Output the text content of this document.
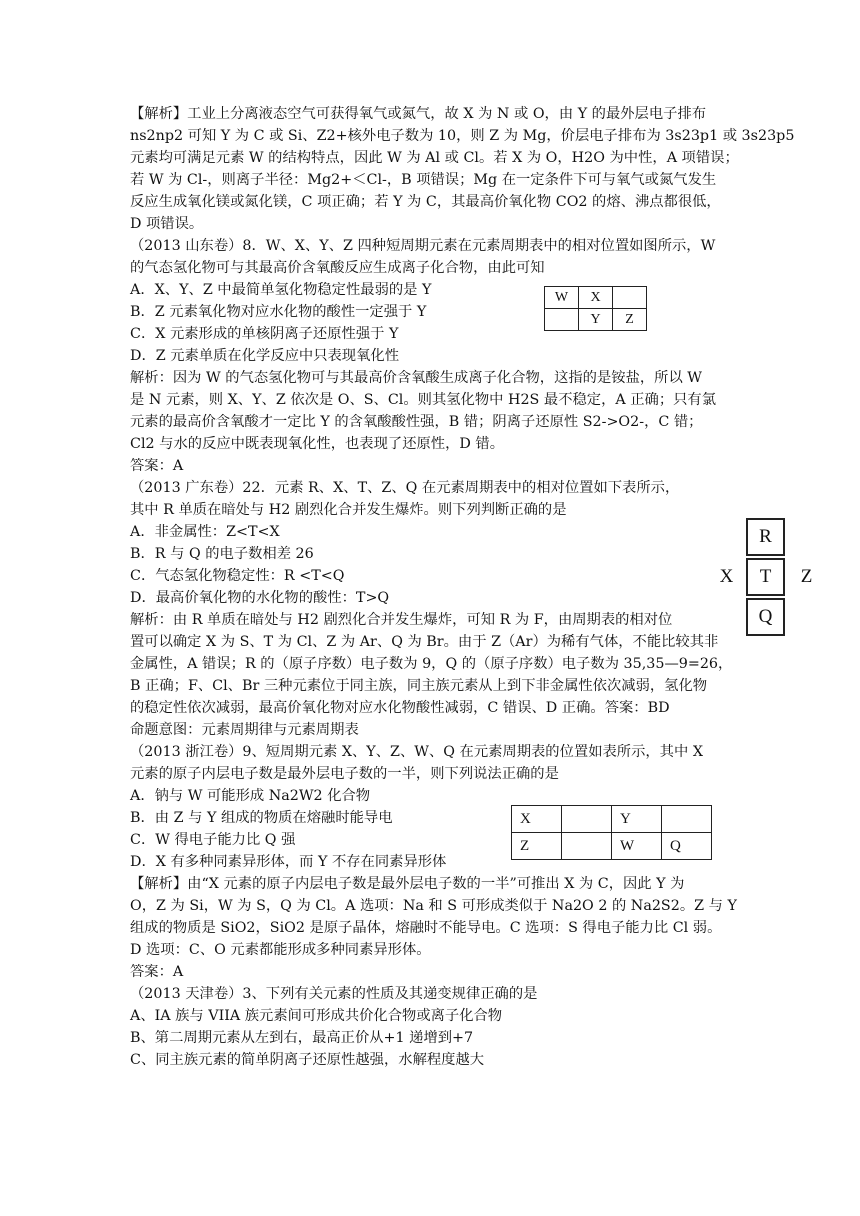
【解析】工业上分离液态空气可获得氧气或氮气，故 X 为 N 或 O，由 Y 的最外层电子排布
ns2np2 可知 Y 为 C 或 Si、Z2+核外电子数为 10，则 Z 为 Mg，价层电子排布为 3s23p1 或 3s23p5
元素均可满足元素 W 的结构特点，因此 W 为 Al 或 Cl。若 X 为 O，H2O 为中性，A 项错误；
若 W 为 Cl-，则离子半径：Mg2+＜Cl-，B 项错误；Mg 在一定条件下可与氧气或氮气发生
反应生成氧化镁或氮化镁，C 项正确；若 Y 为 C，其最高价氧化物 CO2 的熔、沸点都很低，
D 项错误。
（2013 山东卷）8．W、X、Y、Z 四种短周期元素在元素周期表中的相对位置如图所示，W
的气态氢化物可与其最高价含氧酸反应生成离子化合物，由此可知
A．X、Y、Z 中最简单氢化物稳定性最弱的是 Y
B．Z 元素氧化物对应水化物的酸性一定强于 Y
C．X 元素形成的单核阴离子还原性强于 Y
D．Z 元素单质在化学反应中只表现氧化性
解析：因为 W 的气态氢化物可与其最高价含氧酸生成离子化合物，这指的是铵盐，所以 W
是 N 元素，则 X、Y、Z 依次是 O、S、Cl。则其氢化物中 H2S 最不稳定，A 正确；只有氯
元素的最高价含氧酸才一定比 Y 的含氧酸酸性强，B 错；阴离子还原性 S2->O2-，C 错；
Cl2 与水的反应中既表现氧化性，也表现了还原性，D 错。
答案：A
（2013 广东卷）22．元素 R、X、T、Z、Q 在元素周期表中的相对位置如下表所示，
其中 R 单质在暗处与 H2 剧烈化合并发生爆炸。则下列判断正确的是
A．非金属性：Z<T<X
B．R 与 Q 的电子数相差 26
C．气态氢化物稳定性：R <T<Q
D．最高价氧化物的水化物的酸性：T>Q
解析：由 R 单质在暗处与 H2 剧烈化合并发生爆炸，可知 R 为 F，由周期表的相对位
置可以确定 X 为 S、T 为 Cl、Z 为 Ar、Q 为 Br。由于 Z（Ar）为稀有气体，不能比较其非
金属性，A 错误；R 的（原子序数）电子数为 9，Q 的（原子序数）电子数为 35,35—9=26，
B 正确；F、Cl、Br 三种元素位于同主族，同主族元素从上到下非金属性依次减弱，氢化物
的稳定性依次减弱，最高价氧化物对应水化物酸性减弱，C 错误、D 正确。答案：BD
命题意图：元素周期律与元素周期表
（2013 浙江卷）9、短周期元素 X、Y、Z、W、Q 在元素周期表的位置如表所示，其中 X
元素的原子内层电子数是最外层电子数的一半，则下列说法正确的是
A．钠与 W 可能形成 Na2W2 化合物
B．由 Z 与 Y 组成的物质在熔融时能导电
C．W 得电子能力比 Q 强
D．X 有多种同素异形体，而 Y 不存在同素异形体
【解析】由“X 元素的原子内层电子数是最外层电子数的一半”可推出 X 为 C，因此 Y 为
O，Z 为 Si，W 为 S，Q 为 Cl。A 选项：Na 和 S 可形成类似于 Na2O 2 的 Na2S2。Z 与 Y
组成的物质是 SiO2，SiO2 是原子晶体，熔融时不能导电。C 选项：S 得电子能力比 Cl 弱。
D 选项：C、O 元素都能形成多种同素异形体。
答案：A
（2013 天津卷）3、下列有关元素的性质及其递变规律正确的是
A、IA 族与 VIIA 族元素间可形成共价化合物或离子化合物
B、第二周期元素从左到右，最高正价从+1 递增到+7
C、同主族元素的简单阴离子还原性越强，水解程度越大
W	X	
	Y	Z
R
X	T	Z
Q
X		Y	
Z		W	Q
